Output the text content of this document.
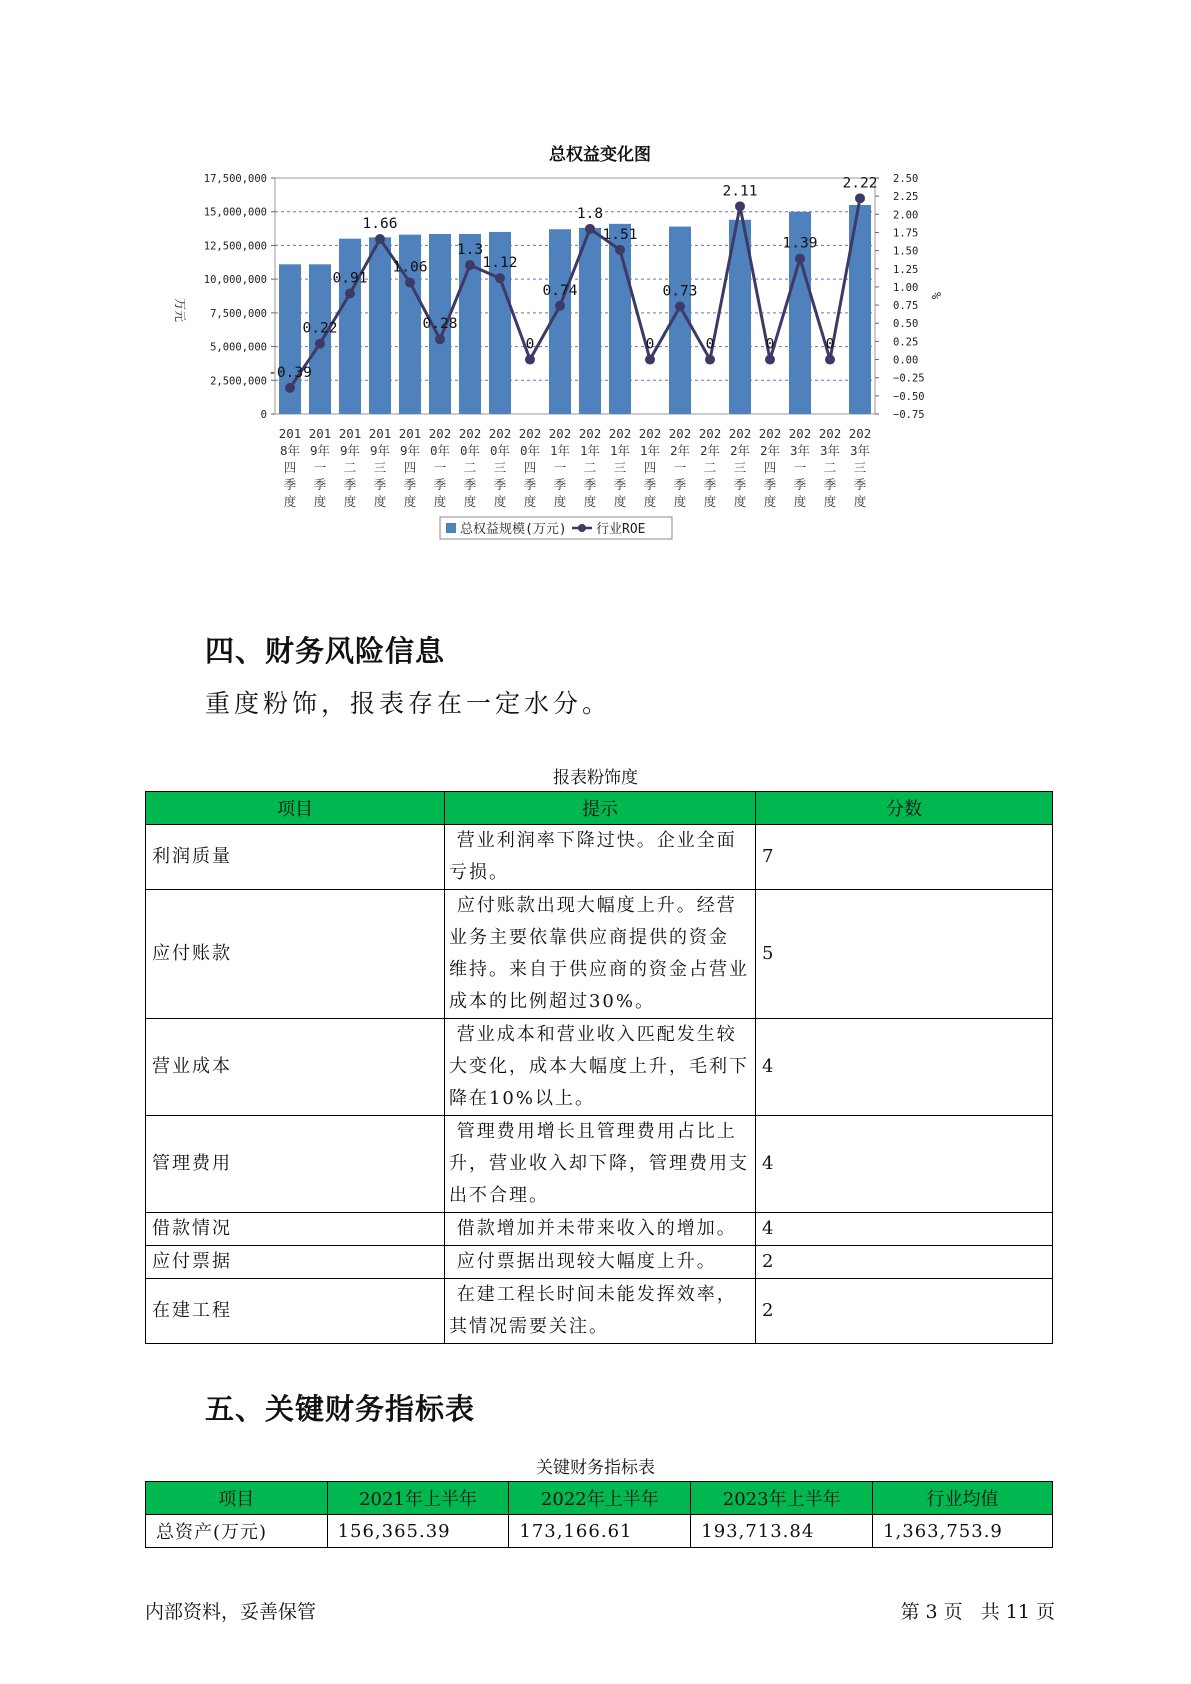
总权益变化图
17,500,000
15,000,000
12,500,000
10,000,000
7,500,000
5,000,000
2,500,000
0
2.50
2.25
2.00
1.75
1.50
1.25
1.00
0.75
0.50
0.25
0.00
−0.25
−0.50
−0.75
万元
%
201
8年
四
季
度
201
9年
一
季
度
201
9年
二
季
度
201
9年
三
季
度
201
9年
四
季
度
202
0年
一
季
度
202
0年
二
季
度
202
0年
三
季
度
202
0年
四
季
度
202
1年
一
季
度
202
1年
二
季
度
202
1年
三
季
度
202
1年
四
季
度
202
2年
一
季
度
202
2年
二
季
度
202
2年
三
季
度
202
2年
四
季
度
202
3年
一
季
度
202
3年
二
季
度
202
3年
三
季
度
-0.39
0.22
0.91
1.66
1.06
0.28
1.3
1.12
0
0.74
1.8
1.51
0
0.73
0
2.11
0
1.39
0
2.22
总权益规模(万元) 行业ROE
四、财务风险信息
重度粉饰，报表存在一定水分。
报表粉饰度
项目	提示	分数
利润质量	营业利润率下降过快。企业全面
亏损。	7
应付账款	应付账款出现大幅度上升。经营
业务主要依靠供应商提供的资金
维持。来自于供应商的资金占营业
成本的比例超过30%。	5
营业成本	营业成本和营业收入匹配发生较
大变化，成本大幅度上升，毛利下
降在10%以上。	4
管理费用	管理费用增长且管理费用占比上
升，营业收入却下降，管理费用支
出不合理。	4
借款情况	借款增加并未带来收入的增加。	4
应付票据	应付票据出现较大幅度上升。	2
在建工程	在建工程长时间未能发挥效率，
其情况需要关注。	2
五、关键财务指标表
关键财务指标表
项目	2021年上半年	2022年上半年	2023年上半年	行业均值
总资产(万元)	156,365.39	173,166.61	193,713.84	1,363,753.9
内部资料，妥善保管	第 3 页   共 11 页
